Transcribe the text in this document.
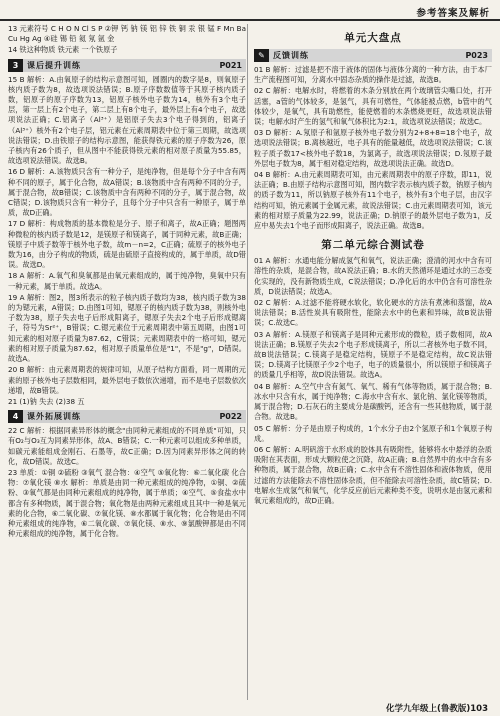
参考答案及解析

13 元素符号 C H O N Cl S P ②钾 钙 钠 镁 铝 锌 铁 铜 汞 银 锰 F Mn Ba Cu Hg Ag ④硅 锡 铅 氦 氖 氩 金

14 铁这种物质 铁元素 一个铁原子

3	课后提升训练	P021

15 B 解析：A.由氧原子的结构示意图可知，圆圈内的数字是8，则氧原子核内质子数为8，故选项说法错误；B.原子序数数值等于其原子核内质子数，铝原子的原子序数为13，铝原子核外电子数为14，核外有3个电子层，第一层上有2个电子，第二层上有8个电子，最外层上有4个电子，故选项说法正确；C.铝离子（Al³⁺）是铝原子失去3个电子得到的，铝离子（Al³⁺）核外有2个电子层，铝元素在元素周期表中位于第三周期，故选项说法错误；D.由铁原子的结构示意图，能获得铁元素的原子序数为26，原子核内有26个质子，但从图中不能获得铁元素的相对原子质量为55.85，故选项说法错误。故选B。

16 D 解析：A.该物质只含有一种分子，是纯净物，但是每个分子中含有两种不同的原子，属于化合物，故A错误；B.该物质中含有两种不同的分子，属于混合物，故B错误；C.该物质中含有两种不同的分子，属于混合物，故C错误；D.该物质只含有一种分子，且每个分子中只含有一种原子，属于单质，故D正确。

17 D 解析：构成物质的基本微粒是分子、原子和离子，故A正确；题图两种微粒的核内质子数是12，是镁原子和镁离子，属于同种元素，故B正确；镁原子中质子数等于核外电子数，故m－n=2，C正确；硫原子的核外电子数为16，由分子构成的物质，硫是由硫原子直接构成的，属于单质，故D错误。故选D。

18 A 解析：A.氧气和臭氧都是由氧元素组成的，属于纯净物，臭氧中只有一种元素，属于单质。故选A。

19 A 解析：图2，图3所表示的粒子核内质子数均为38，核内质子数为38的为锶元素，A错误；D.由图1可知，锶原子的核内质子数为38，则核外电子数为38，原子失去电子后形成阳离子，锶原子失去2个电子后形成锶离子，符号为Sr²⁺，B错误；C.锶元素位于元素周期表中第五周期，由图1可知元素的相对原子质量为87.62，C错误；元素周期表中的一格可知，锶元素的相对原子质量为87.62，相对原子质量单位是"1"，不是"g"，D错误。故选A。

20 B 解析：由元素周期表的规律可知，从原子结构方面看，同一周期的元素的原子核外电子层数相同，最外层电子数依次递增，而不是电子层数依次递增，故B错误。

21 (1)钠 失去 (2)38 五

4	课外拓展训练	P022

22 C 解析：根据同素异形体的概念"由同种元素组成的不同单质"可知，只有O₂与O₃互为同素异形体，故A、B错误；C.一种元素可以组成多种单质，如碳元素能组成金刚石、石墨等，故C正确；D.因为同素异形体之间的转化，故D错误。故选C。

23 单质：①铜 ②硫粉 ③氧气 混合物：④空气 ⑤氧化物：⑥二氧化碳 化合物：⑦氧化镁 ⑧水 解析：单质是由同一种元素组成的纯净物，①铜、②硫粉、③氧气都是由同种元素组成的纯净物，属于单质；④空气、⑤食盐水中都含有多种物质，属于混合物；氧化物是由两种元素组成且其中一种是氧元素的化合物，⑥二氧化碳、⑦氧化镁、⑧水都属于氧化物；化合物是由不同种元素组成的纯净物，⑥二氧化碳、⑦氧化镁、⑧水、⑨氯酸钾都是由不同种元素组成的纯净物，属于化合物。

单元大盘点
✎	反馈训练	P023

01 B 解析：过滤是把不溶于液体的固体与液体分离的一种方法，由于本厂生产流程图可知，分离水中固态杂质的操作是过滤，故选B。

02 C 解析：电解水时，将燃着的木条分别放在两个玻璃管尖嘴口处，打开活塞，a管的气体较多，是氢气，具有可燃性，气体能被点燃，b管中的气体较少，是氧气，具有助燃性，能使燃着的木条燃烧更旺，故选项说法错误；电解水时产生的氢气和氧气体积比为2:1，故选项说法错误；故选C。

03 D 解析：A.氖原子和氩原子核外电子数分别为2+8+8=18个电子，故选项说法错误；B.离核越近，电子具有的能量越低，故选项说法错误；C.该粒子质子数17<核外电子数18，为氯离子，故选项说法错误；D.氖原子最外层电子数为8，属于相对稳定结构，故选项说法正确。故选D。

04 B 解析：A.由元素周期表可知，由元素周期表中的原子序数，即11，说法正确；B.由原子结构示意图可知，图内数字表示核内质子数，钠原子核内的质子数为11，所以钠原子核外有11个电子，核外有3个电子层，由汉字结构可知，钠元素属于金属元素，故说法错误；C.由元素周期表可知，该元素的相对原子质量为22.99，说法正确；D.钠原子的最外层电子数为1，反应中易失去1个电子而形成阳离子，说法正确。故选B。

第二单元综合测试卷

01 A 解析：水通电能分解成氢气和氧气，说法正确；澄清的河水中含有可溶性的杂质，是混合物，故A说法正确；B.水的天然循环是通过水的三态变化实现的，没有新物质生成，C说法错误；D.净化后的水中仍含有可溶性杂质，D说法错误；故选A。

02 C 解析：A.过滤不能将硬水软化，软化硬水的方法有煮沸和蒸馏，故A说法错误；B.活性炭具有吸附性，能除去水中的色素和异味，故B说法错误；C.故选C。

03 A 解析：A.镁原子和镁离子是同种元素形成的微粒，质子数相同，故A说法正确；B.镁原子失去2个电子形成镁离子，所以二者核外电子数不同，故B说法错误；C.镁离子是稳定结构，镁原子不是稳定结构，故C说法错误；D.镁离子比镁原子少2个电子，电子的质量很小，所以镁原子和镁离子的质量几乎相等，故D说法错误。故选A。

04 B 解析：A.空气中含有氮气、氧气、稀有气体等物质，属于混合物；B.冰水中只含有水，属于纯净物；C.海水中含有水、氯化钠、氯化镁等物质，属于混合物；D.石灰石的主要成分是碳酸钙，还含有一些其他物质，属于混合物。故选B。

05 C 解析：分子是由原子构成的，1个水分子由2个氢原子和1个氧原子构成。

06 C 解析：A.明矾溶于水形成的胶体具有吸附性，能够将水中悬浮的杂质吸附在其表面，形成大颗粒使之沉降，故A正确；B.自然界中的水中含有多种物质，属于混合物，故B正确；C.水中含有不溶性固体和液体物质，使用过滤的方法能除去不溶性固体杂质，但不能除去可溶性杂质，故C错误；D.电解水生成氢气和氧气，化学反应前后元素种类不变，说明水是由氢元素和氧元素组成的，故D正确。

化学九年级上(鲁教版)103
